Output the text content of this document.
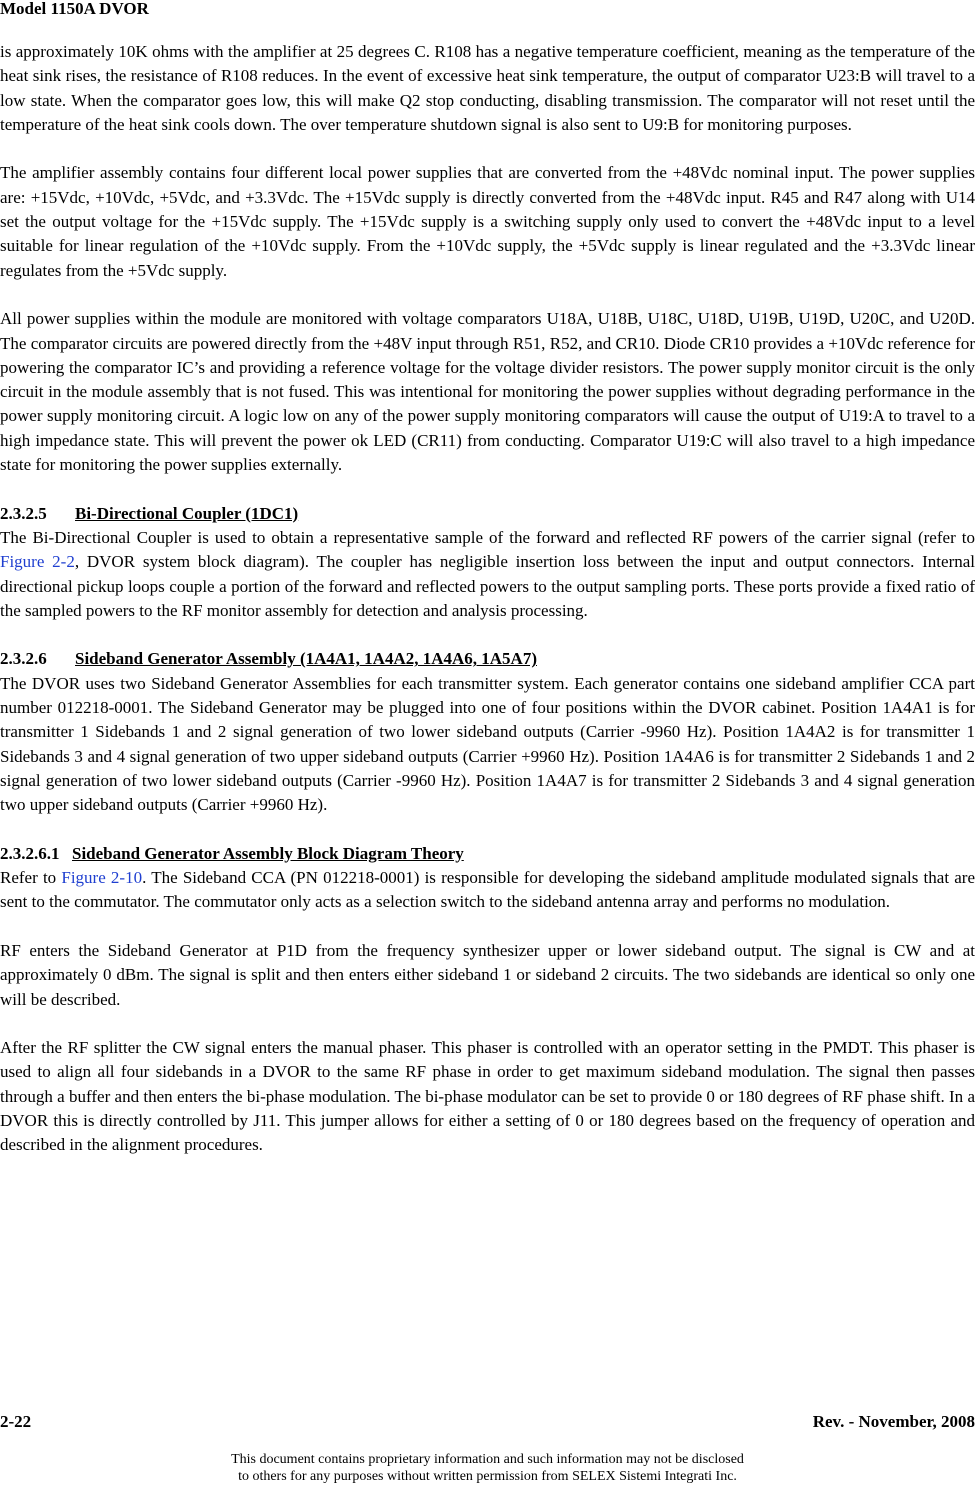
Model 1150A DVOR

is approximately 10K ohms with the amplifier at 25 degrees C. R108 has a negative temperature coefficient, meaning as the temperature of the heat sink rises, the resistance of R108 reduces. In the event of excessive heat sink temperature, the output of comparator U23:B will travel to a low state. When the comparator goes low, this will make Q2 stop conducting, disabling transmission. The comparator will not reset until the temperature of the heat sink cools down. The over temperature shutdown signal is also sent to U9:B for monitoring purposes.

The amplifier assembly contains four different local power supplies that are converted from the +48Vdc nominal input. The power supplies are: +15Vdc, +10Vdc, +5Vdc, and +3.3Vdc. The +15Vdc supply is directly converted from the +48Vdc input. R45 and R47 along with U14 set the output voltage for the +15Vdc supply. The +15Vdc supply is a switching supply only used to convert the +48Vdc input to a level suitable for linear regulation of the +10Vdc supply. From the +10Vdc supply, the +5Vdc supply is linear regulated and the +3.3Vdc linear regulates from the +5Vdc supply.

All power supplies within the module are monitored with voltage comparators U18A, U18B, U18C, U18D, U19B, U19D, U20C, and U20D. The comparator circuits are powered directly from the +48V input through R51, R52, and CR10. Diode CR10 provides a +10Vdc reference for powering the comparator IC’s and providing a reference voltage for the voltage divider resistors. The power supply monitor circuit is the only circuit in the module assembly that is not fused. This was intentional for monitoring the power supplies without degrading performance in the power supply monitoring circuit. A logic low on any of the power supply monitoring comparators will cause the output of U19:A to travel to a high impedance state. This will prevent the power ok LED (CR11) from conducting. Comparator U19:C will also travel to a high impedance state for monitoring the power supplies externally.

2.3.2.5 Bi-Directional Coupler (1DC1)

The Bi-Directional Coupler is used to obtain a representative sample of the forward and reflected RF powers of the carrier signal (refer to Figure 2-2, DVOR system block diagram). The coupler has negligible insertion loss between the input and output connectors. Internal directional pickup loops couple a portion of the forward and reflected powers to the output sampling ports. These ports provide a fixed ratio of the sampled powers to the RF monitor assembly for detection and analysis processing.

2.3.2.6 Sideband Generator Assembly (1A4A1, 1A4A2, 1A4A6, 1A5A7)

The DVOR uses two Sideband Generator Assemblies for each transmitter system. Each generator contains one sideband amplifier CCA part number 012218-0001. The Sideband Generator may be plugged into one of four positions within the DVOR cabinet. Position 1A4A1 is for transmitter 1 Sidebands 1 and 2 signal generation of two lower sideband outputs (Carrier -9960 Hz). Position 1A4A2 is for transmitter 1 Sidebands 3 and 4 signal generation of two upper sideband outputs (Carrier +9960 Hz). Position 1A4A6 is for transmitter 2 Sidebands 1 and 2 signal generation of two lower sideband outputs (Carrier -9960 Hz). Position 1A4A7 is for transmitter 2 Sidebands 3 and 4 signal generation two upper sideband outputs (Carrier +9960 Hz).

2.3.2.6.1 Sideband Generator Assembly Block Diagram Theory

Refer to Figure 2-10. The Sideband CCA (PN 012218-0001) is responsible for developing the sideband amplitude modulated signals that are sent to the commutator. The commutator only acts as a selection switch to the sideband antenna array and performs no modulation.

RF enters the Sideband Generator at P1D from the frequency synthesizer upper or lower sideband output. The signal is CW and at approximately 0 dBm. The signal is split and then enters either sideband 1 or sideband 2 circuits. The two sidebands are identical so only one will be described.

After the RF splitter the CW signal enters the manual phaser. This phaser is controlled with an operator setting in the PMDT. This phaser is used to align all four sidebands in a DVOR to the same RF phase in order to get maximum sideband modulation. The signal then passes through a buffer and then enters the bi-phase modulation. The bi-phase modulator can be set to provide 0 or 180 degrees of RF phase shift. In a DVOR this is directly controlled by J11. This jumper allows for either a setting of 0 or 180 degrees based on the frequency of operation and described in the alignment procedures.

2-22	Rev. - November, 2008
This document contains proprietary information and such information may not be disclosed
to others for any purposes without written permission from SELEX Sistemi Integrati Inc.
